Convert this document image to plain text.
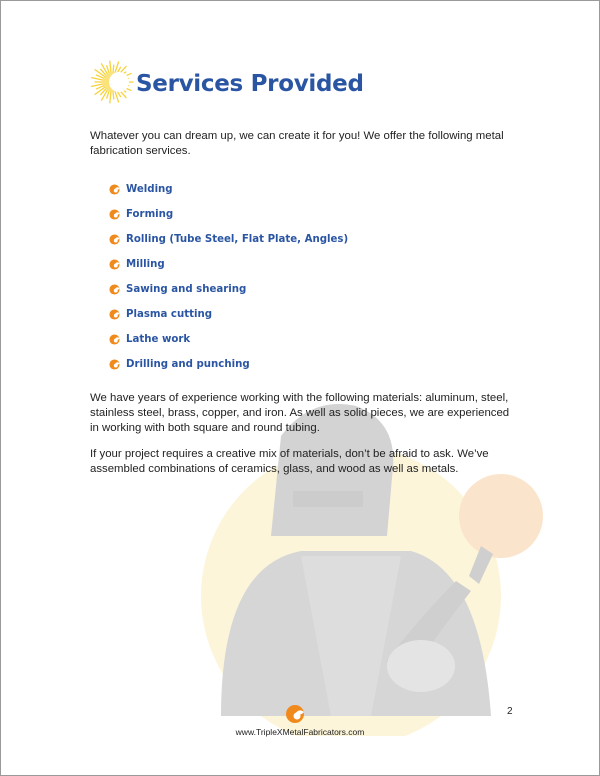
Services Provided

Whatever you can dream up, we can create it for you! We offer the following metal fabrication services.

Welding
Forming
Rolling (Tube Steel, Flat Plate, Angles)
Milling
Sawing and shearing
Plasma cutting
Lathe work
Drilling and punching

We have years of experience working with the following materials: aluminum, steel, stainless steel, brass, copper, and iron. As well as solid pieces, we are experienced in working with both square and round tubing.

If your project requires a creative mix of materials, don’t be afraid to ask. We’ve assembled combinations of ceramics, glass, and wood as well as metals.

2
www.TripleXMetalFabricators.com
